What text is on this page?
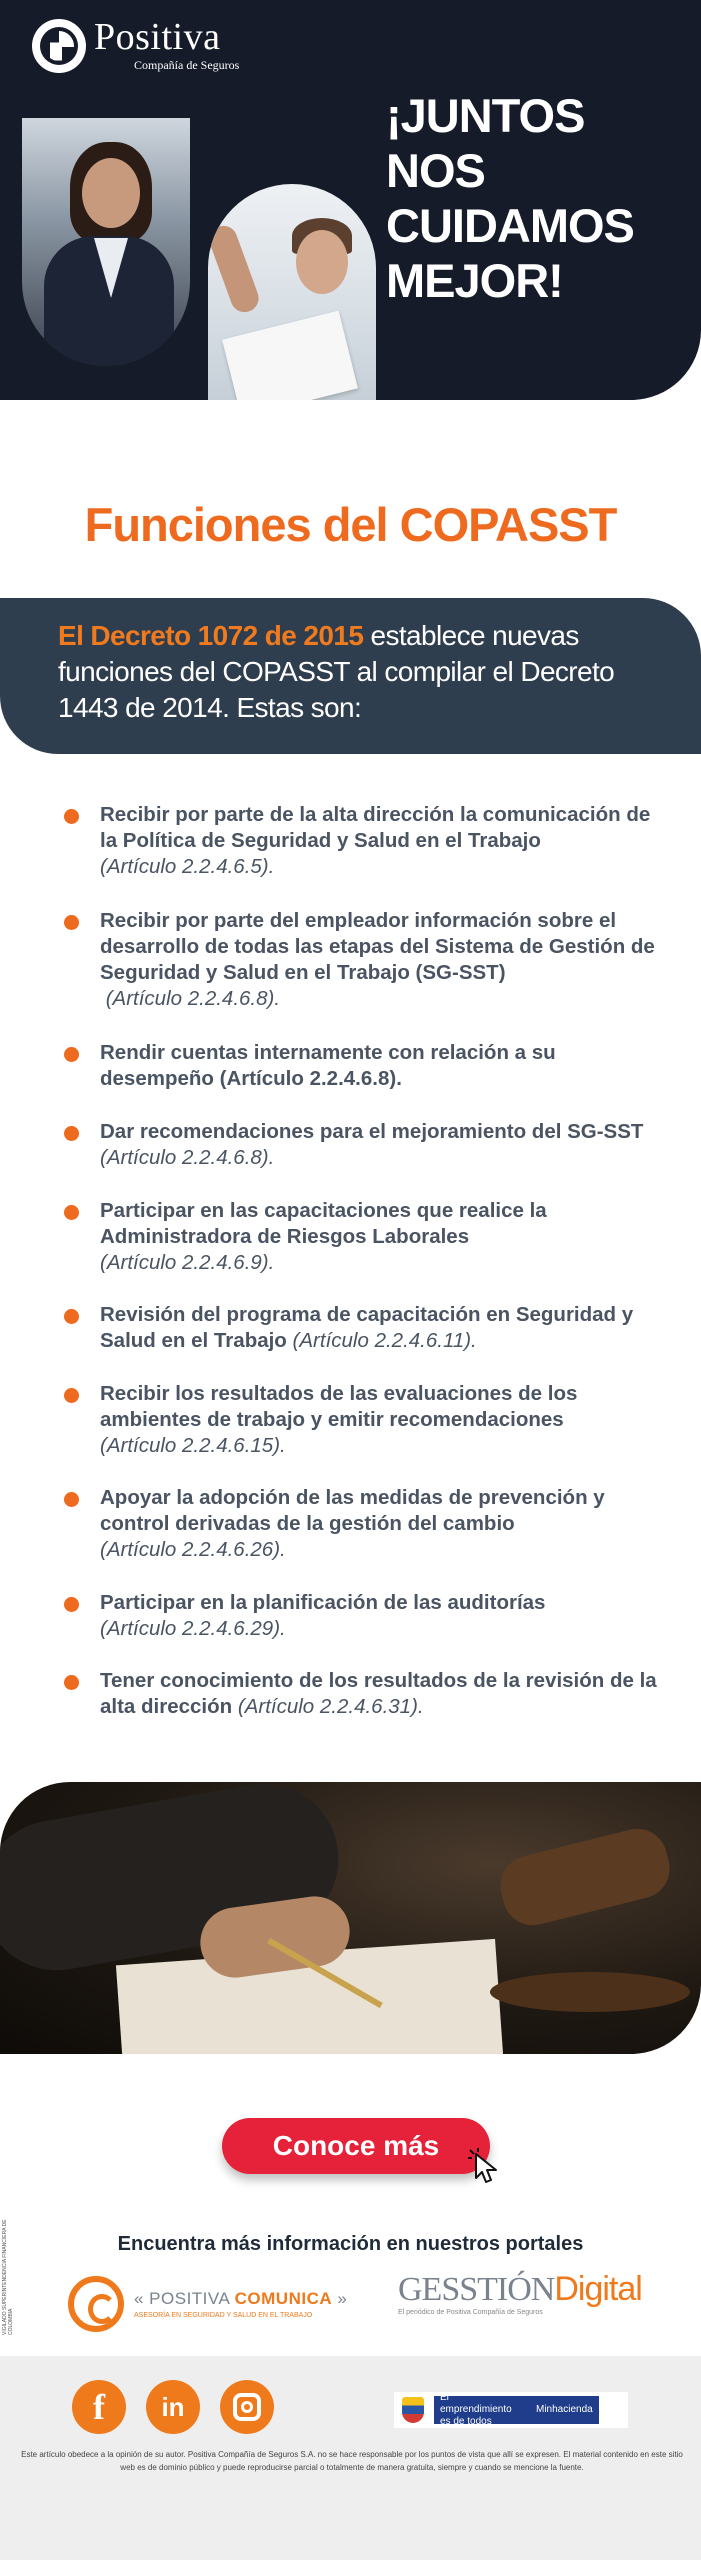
Positiva
Compañía de Seguros
¡JUNTOS
NOS
CUIDAMOS
MEJOR!
Funciones del COPASST
El Decreto 1072 de 2015 establece nuevas funciones del COPASST al compilar el Decreto 1443 de 2014. Estas son:
Recibir por parte de la alta dirección la comunicación de la Política de Seguridad y Salud en el Trabajo
(Artículo 2.2.4.6.5).
Recibir por parte del empleador información sobre el desarrollo de todas las etapas del Sistema de Gestión de Seguridad y Salud en el Trabajo (SG-SST)
(Artículo 2.2.4.6.8).
Rendir cuentas internamente con relación a su desempeño (Artículo 2.2.4.6.8).
Dar recomendaciones para el mejoramiento del SG-SST (Artículo 2.2.4.6.8).
Participar en las capacitaciones que realice la Administradora de Riesgos Laborales
(Artículo 2.2.4.6.9).
Revisión del programa de capacitación en Seguridad y Salud en el Trabajo (Artículo 2.2.4.6.11).
Recibir los resultados de las evaluaciones de los ambientes de trabajo y emitir recomendaciones
(Artículo 2.2.4.6.15).
Apoyar la adopción de las medidas de prevención y control derivadas de la gestión del cambio
(Artículo 2.2.4.6.26).
Participar en la planificación de las auditorías
(Artículo 2.2.4.6.29).
Tener conocimiento de los resultados de la revisión de la alta dirección (Artículo 2.2.4.6.31).
Conoce más
VIGILADO SUPERINTENDENCIA FINANCIERA DE COLOMBIA
Encuentra más información en nuestros portales
« POSITIVA COMUNICA »
ASESORÍA EN SEGURIDAD Y SALUD EN EL TRABAJO
GESSTIÓNDigital
El periódico de Positiva Compañía de Seguros
f	in	El emprendimiento es de todos
Minhacienda
Este artículo obedece a la opinión de su autor. Positiva Compañía de Seguros S.A. no se hace responsable por los puntos de vista que allí se expresen. El material contenido en este sitio web es de dominio público y puede reproducirse parcial o totalmente de manera gratuita, siempre y cuando se mencione la fuente.
